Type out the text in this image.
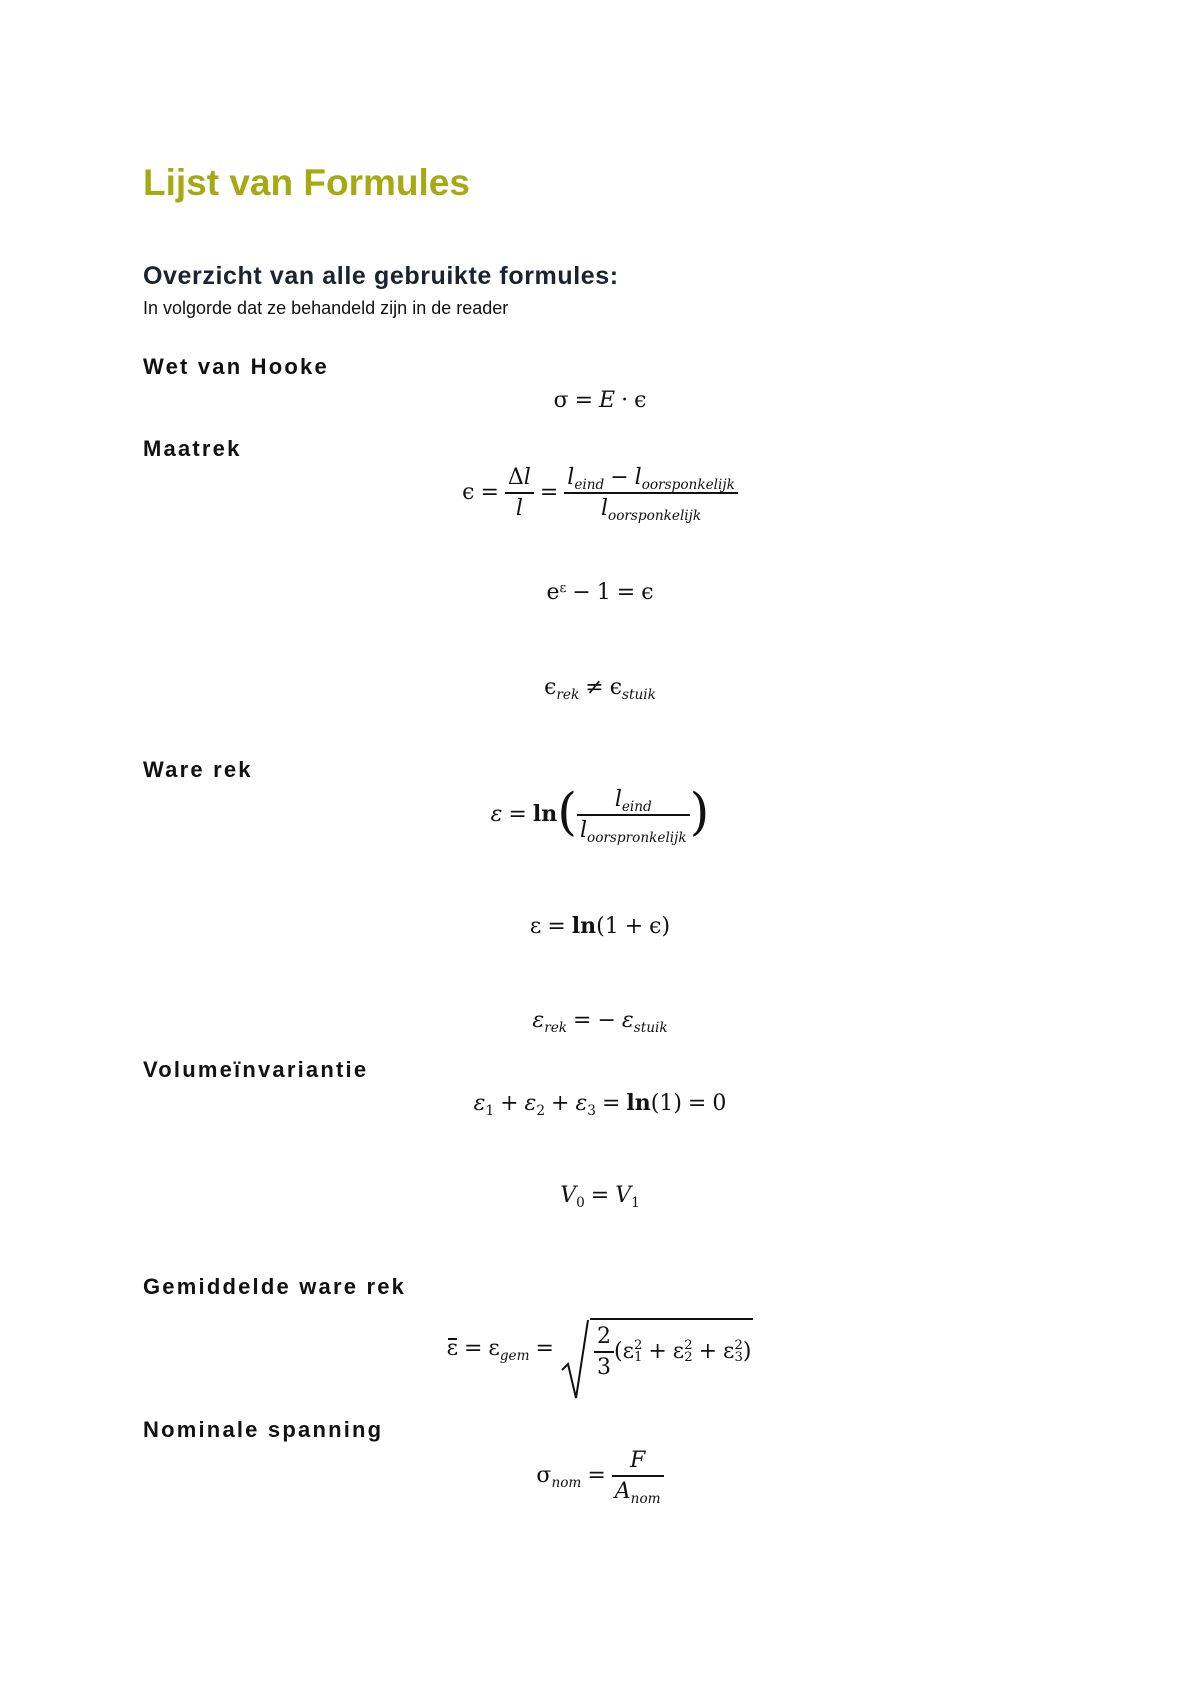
Lijst van Formules
Overzicht van alle gebruikte formules:
In volgorde dat ze behandeld zijn in de reader
Wet van Hooke
σ = E · ϵ
Maatrek
$\epsilon = \frac{\Delta l}{l} = \frac{l_{eind} - l_{oorsponkelijk}}{l_{oorsponkelijk}}$
$e^\varepsilon - 1 = \epsilon$
$\epsilon_{rek} \ne \epsilon_{stuik}$
Ware rek
$\varepsilon = \ln( \frac{l_{eind}}{l_{oorspronkelijk}}$ )
ε = ln(1 + ϵ)
$\varepsilon_{rek}$ = − $\varepsilon_{stuik}$
Volumeïnvariantie
$\varepsilon_1 + \varepsilon_2 + \varepsilon_3 = \ln(1) = 0$
$V_0 = V_1$
Gemiddelde ware rek
$\varepsilon = \varepsilon_{gem} = \frac{2}{3} (\varepsilon$ 2
1 + ε 2
2 + ε 2
3 )
Nominale spanning
$\sigma_{nom} = \frac{F}{A_{nom}}$
